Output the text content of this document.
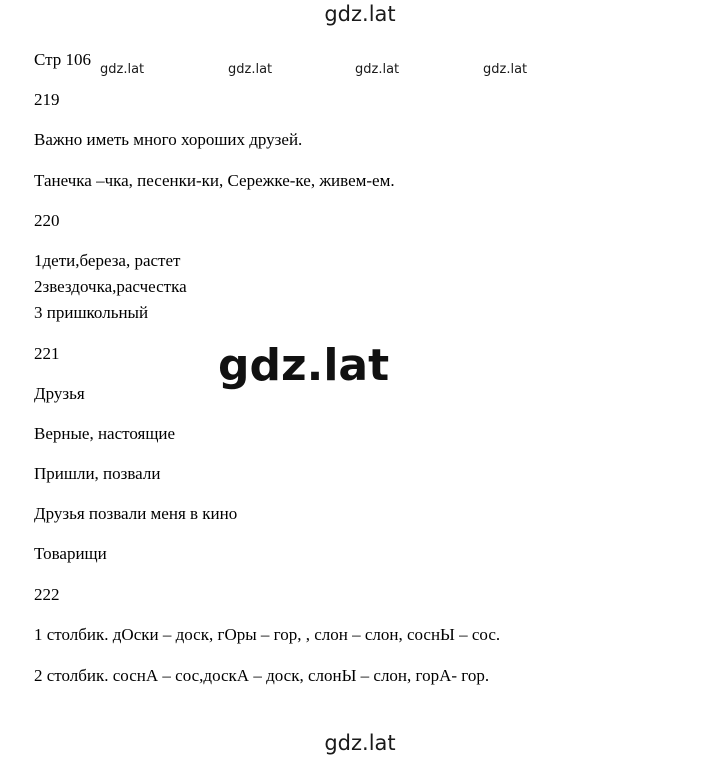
gdz.lat
Стр 106
gdz.lat	gdz.lat	gdz.lat	gdz.lat
219
Важно иметь много хороших друзей.
Танечка –чка, песенки-ки, Сережке-ке, живем-ем.
220
1дети,береза, растет
2звездочка,расчестка
3 пришкольный
221	gdz.lat
Друзья
Верные, настоящие
Пришли, позвали
Друзья позвали меня в кино
Товарищи
222
1 столбик. дОски – доск, гОры – гор, , слон – слон, соснЫ – сос.
2 столбик. соснА – сос,доскА – доск, слонЫ – слон, горА- гор.
gdz.lat
